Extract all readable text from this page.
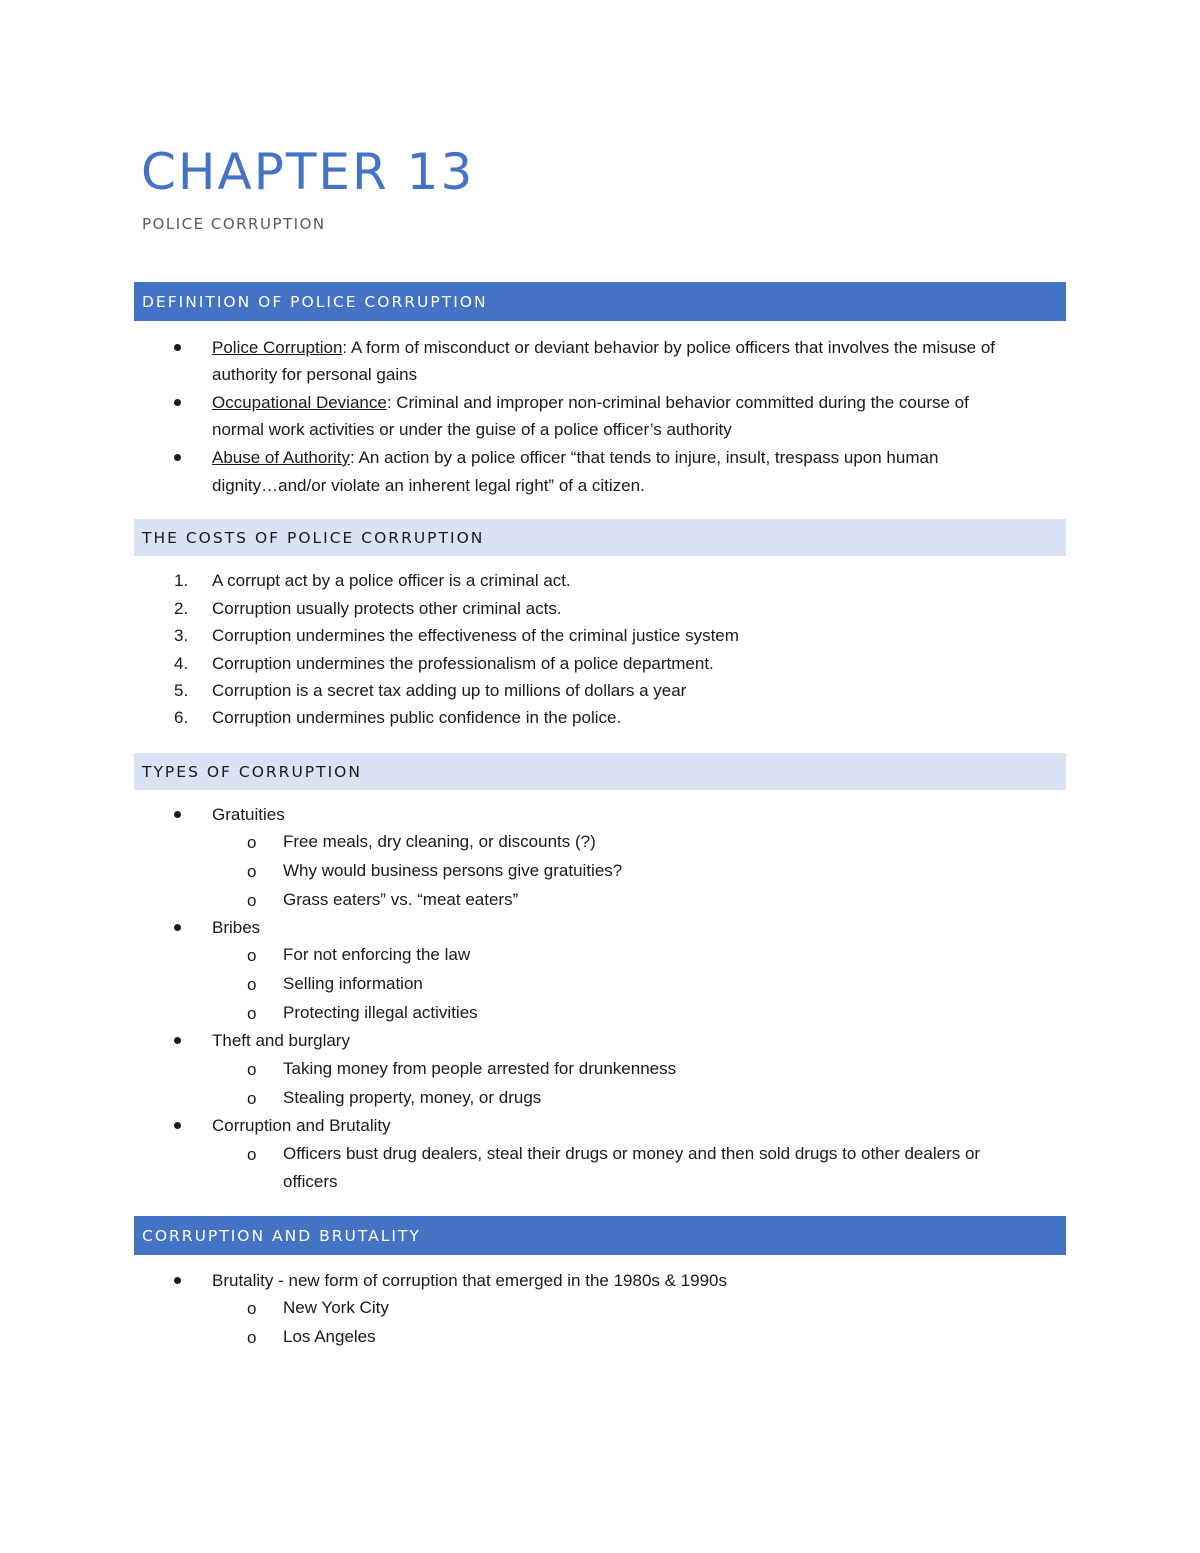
CHAPTER 13
POLICE CORRUPTION
DEFINITION OF POLICE CORRUPTION
Police Corruption: A form of misconduct or deviant behavior by police officers that involves the misuse of
authority for personal gains
Occupational Deviance: Criminal and improper non-criminal behavior committed during the course of
normal work activities or under the guise of a police officer’s authority
Abuse of Authority: An action by a police officer “that tends to injure, insult, trespass upon human
dignity…and/or violate an inherent legal right” of a citizen.
THE COSTS OF POLICE CORRUPTION
1.	A corrupt act by a police officer is a criminal act.
2.	Corruption usually protects other criminal acts.
3.	Corruption undermines the effectiveness of the criminal justice system
4.	Corruption undermines the professionalism of a police department.
5.	Corruption is a secret tax adding up to millions of dollars a year
6.	Corruption undermines public confidence in the police.
TYPES OF CORRUPTION
Gratuities
o Free meals, dry cleaning, or discounts (?)
o Why would business persons give gratuities?
o Grass eaters” vs. “meat eaters”
Bribes
o For not enforcing the law
o Selling information
o Protecting illegal activities
Theft and burglary
o Taking money from people arrested for drunkenness
o Stealing property, money, or drugs
Corruption and Brutality
o Officers bust drug dealers, steal their drugs or money and then sold drugs to other dealers or
officers
CORRUPTION AND BRUTALITY
Brutality - new form of corruption that emerged in the 1980s & 1990s
o New York City
o Los Angeles
